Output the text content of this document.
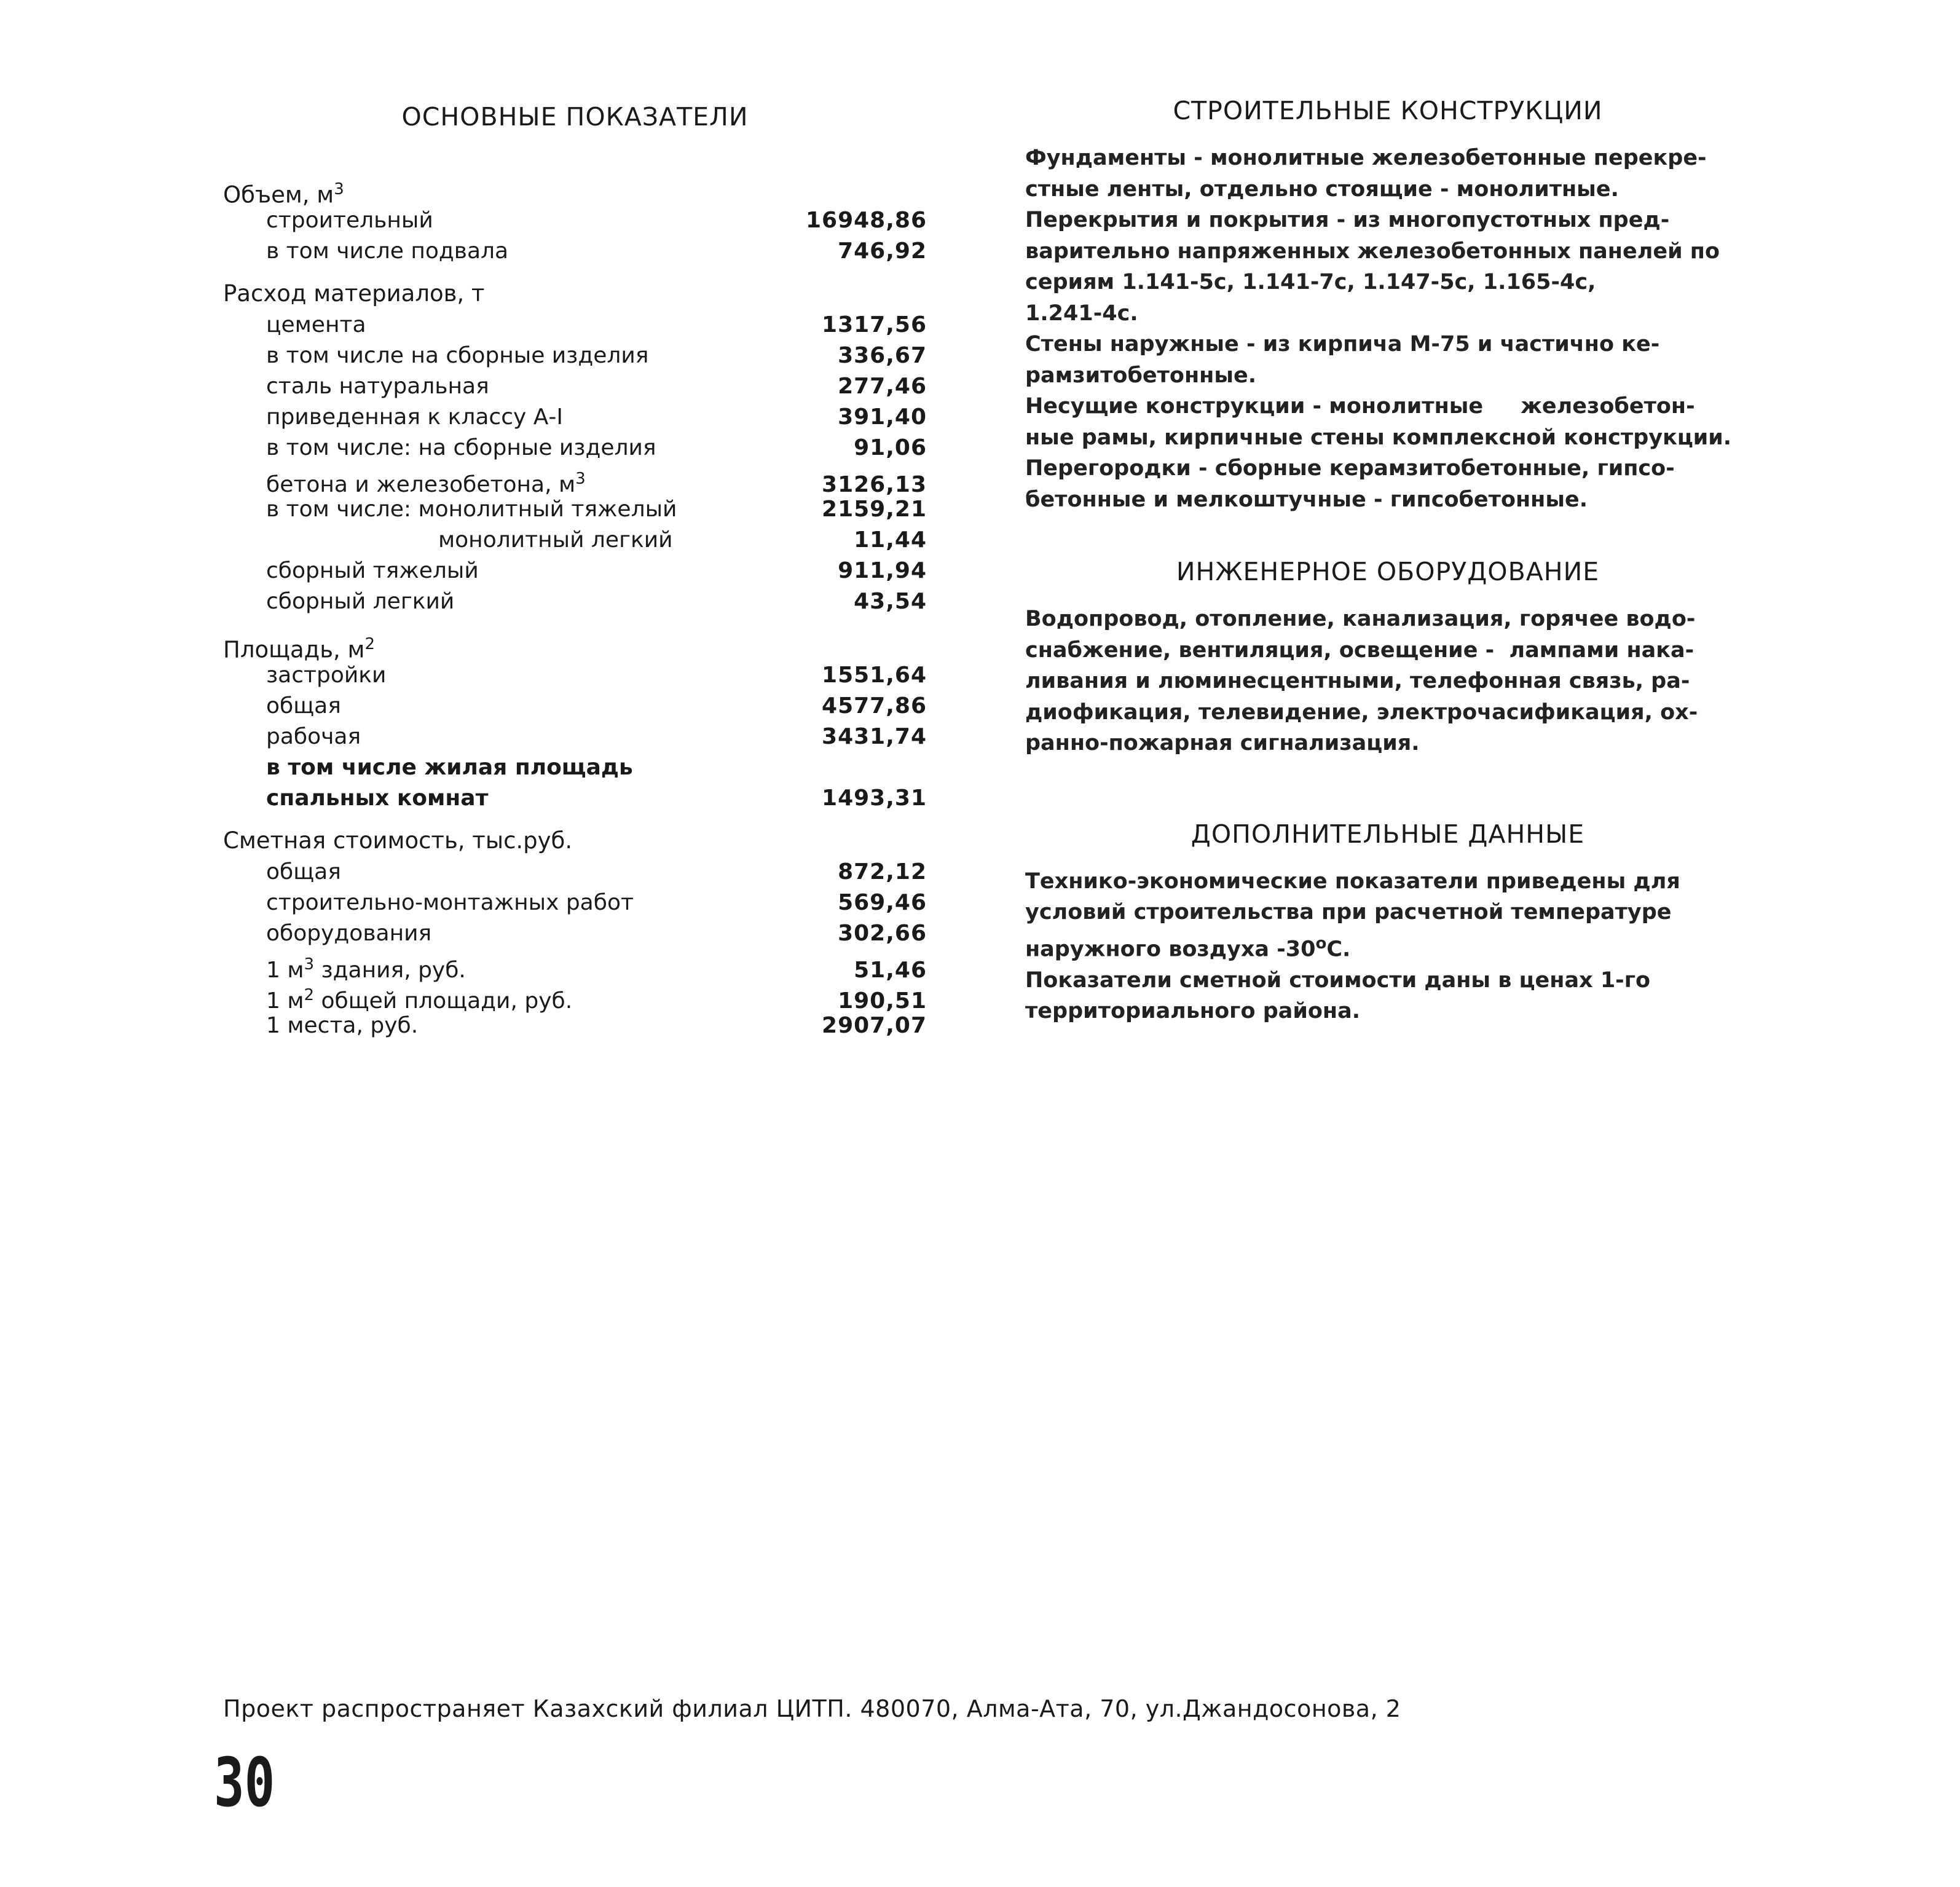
ОСНОВНЫЕ ПОКАЗАТЕЛИ
Объем, $м^3$
строительный	16948,86
в том числе подвала	746,92
Расход материалов, т
цемента	1317,56
в том числе на сборные изделия	336,67
сталь натуральная	277,46
приведенная к классу А-I	391,40
в том числе: на сборные изделия	91,06
бетона и железобетона, $м^3$	3126,13
в том числе: монолитный тяжелый	2159,21
монолитный легкий	11,44
сборный тяжелый	911,94
сборный легкий	43,54
Площадь, $м^2$
застройки	1551,64
общая	4577,86
рабочая	3431,74
в том числе жилая площадь
спальных комнат	1493,31
Сметная стоимость, тыс.руб.
общая	872,12
строительно-монтажных работ	569,46
оборудования	302,66
1 $м^3$ здания, руб.	51,46
1 $м^2$ общей площади, руб.	190,51
1 места, руб.	2907,07
СТРОИТЕЛЬНЫЕ КОНСТРУКЦИИ

Фундаменты - монолитные железобетонные перекре-

стные ленты, отдельно стоящие - монолитные.

Перекрытия и покрытия - из многопустотных пред-

варительно напряженных железобетонных панелей по

сериям 1.141-5с, 1.141-7с, 1.147-5с, 1.165-4с,

1.241-4с.

Стены наружные - из кирпича М-75 и частично ке-

рамзитобетонные.

Несущие конструкции - монолитные     железобетон-

ные рамы, кирпичные стены комплексной конструкции.

Перегородки - сборные керамзитобетонные, гипсо-

бетонные и мелкоштучные - гипсобетонные.

ИНЖЕНЕРНОЕ ОБОРУДОВАНИЕ

Водопровод, отопление, канализация, горячее водо-

снабжение, вентиляция, освещение -  лампами нака-

ливания и люминесцентными, телефонная связь, ра-

диофикация, телевидение, электрочасификация, ох-

ранно-пожарная сигнализация.

ДОПОЛНИТЕЛЬНЫЕ ДАННЫЕ

Технико-экономические показатели приведены для

условий строительства при расчетной температуре

наружного воздуха $-30^оС$.

Показатели сметной стоимости даны в ценах 1-го

территориального района.

Проект распространяет Казахский филиал ЦИТП. 480070, Алма-Ата, 70, ул.Джандосонова, 2
30
